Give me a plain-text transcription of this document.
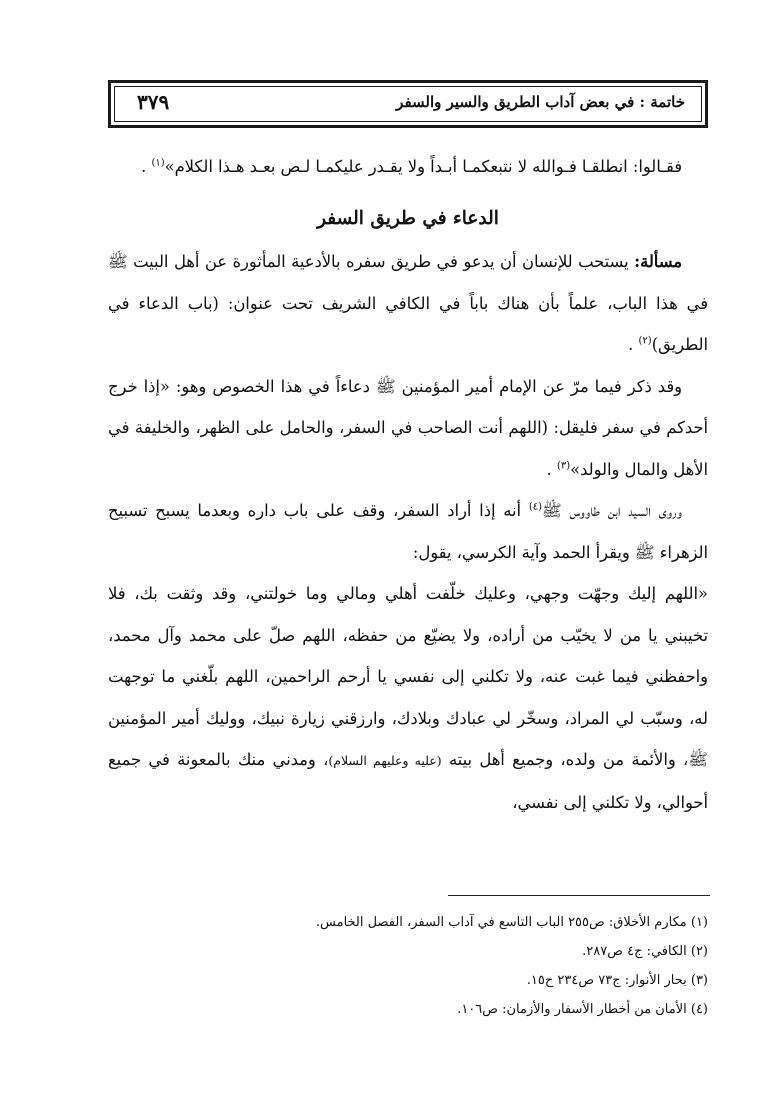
خاتمة : في بعض آداب الطريق والسير والسفر
٣٧٩

فقـالوا: انطلقـا فـوالله لا نتبعكمـا أبـداً ولا يقـدر عليكمـا لـص بعـد هـذا الكلام»$^{(١)}$ .

الدعاء في طريق السفر

مسألة: يستحب للإنسان أن يدعو في طريق سفره بالأدعية المأثورة عن أهل البيت ﷺ في هذا الباب، علماً بأن هناك باباً في الكافي الشريف تحت عنوان: (باب الدعاء في الطريق)$^{(٢)}$ .

وقد ذكر فيما مرّ عن الإمام أمير المؤمنين ﷺ دعاءاً في هذا الخصوص وهو: «إذا خرج أحدكم في سفر فليقل: (اللهم أنت الصاحب في السفر، والحامل على الظهر، والخليفة في الأهل والمال والولد»$^{(٣)}$ .

وروى السيد ابن طاووس ﷺ$^{(٤)}$ أنه إذا أراد السفر، وقف على باب داره وبعدما يسبح تسبيح الزهراء ﷺ ويقرأ الحمد وآية الكرسي، يقول:

«اللهم إليك وجهّت وجهي، وعليك خلّفت أهلي ومالي وما خولتني، وقد وثقت بك، فلا تخيبني يا من لا يخيّب من أراده، ولا يضيّع من حفظه، اللهم صلّ على محمد وآل محمد، واحفظني فيما غبت عنه، ولا تكلني إلى نفسي يا أرحم الراحمين، اللهم بلّغني ما توجهت له، وسبّب لي المراد، وسخّر لي عبادك وبلادك، وارزقني زيارة نبيك، ووليك أمير المؤمنين ﷺ، والأئمة من ولده، وجميع أهل بيته (عليه وعليهم السلام)، ومدني منك بالمعونة في جميع أحوالي، ولا تكلني إلى نفسي،

(١) مكارم الأخلاق: ص٢٥٥ الباب التاسع في آداب السفر، الفصل الخامس.

(٢) الكافي: ج٤ ص٢٨٧.

(٣) بحار الأنوار: ج٧٣ ص٢٣٤ ح١٥.

(٤) الأمان من أخطار الأسفار والأزمان: ص١٠٦.
